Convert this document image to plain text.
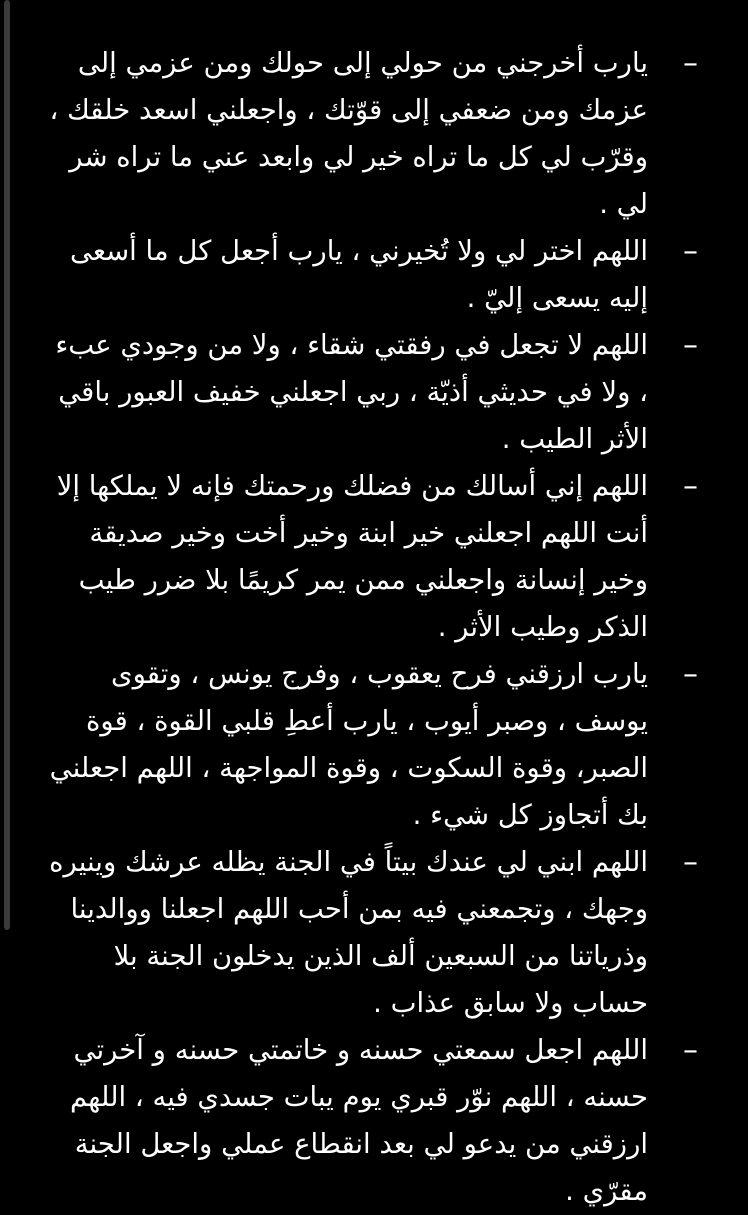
–
يارب أخرجني من حولي إلى حولك ومن عزمي إلى عزمك ومن ضعفي إلى قوّتك ، واجعلني اسعد خلقك ، وقرّب لي كل ما تراه خير لي وابعد عني ما تراه شر لي .
–
اللهم اختر لي ولا تُخيرني ، يارب أجعل كل ما أسعى إليه يسعى إليّ .
–
اللهم لا تجعل في رفقتي شقاء ، ولا من وجودي عبء ، ولا في حديثي أذيّة ، ربي اجعلني خفيف العبور باقي الأثر الطيب .
–
اللهم إني أسالك من فضلك ورحمتك فإنه لا يملكها إلا أنت اللهم اجعلني خير ابنة وخير أخت وخير صديقة وخير إنسانة واجعلني ممن يمر كريمًا بلا ضرر طيب الذكر وطيب الأثر .
–
يارب ارزقني فرح يعقوب ، وفرج يونس ، وتقوى يوسف ، وصبر أيوب ، يارب أعطِ قلبي القوة ، قوة الصبر، وقوة السكوت ، وقوة المواجهة ، اللهم اجعلني بك أتجاوز كل شيء .
–
اللهم ابني لي عندك بيتاً في الجنة يظله عرشك وينيره وجهك ، وتجمعني فيه بمن أحب اللهم اجعلنا ووالدينا وذرياتنا من السبعين ألف الذين يدخلون الجنة بلا حساب ولا سابق عذاب .
–
اللهم اجعل سمعتي حسنه و خاتمتي حسنه و آخرتي حسنه ، اللهم نوّر قبري يوم يبات جسدي فيه ، اللهم ارزقني من يدعو لي بعد انقطاع عملي واجعل الجنة مقرّي .
